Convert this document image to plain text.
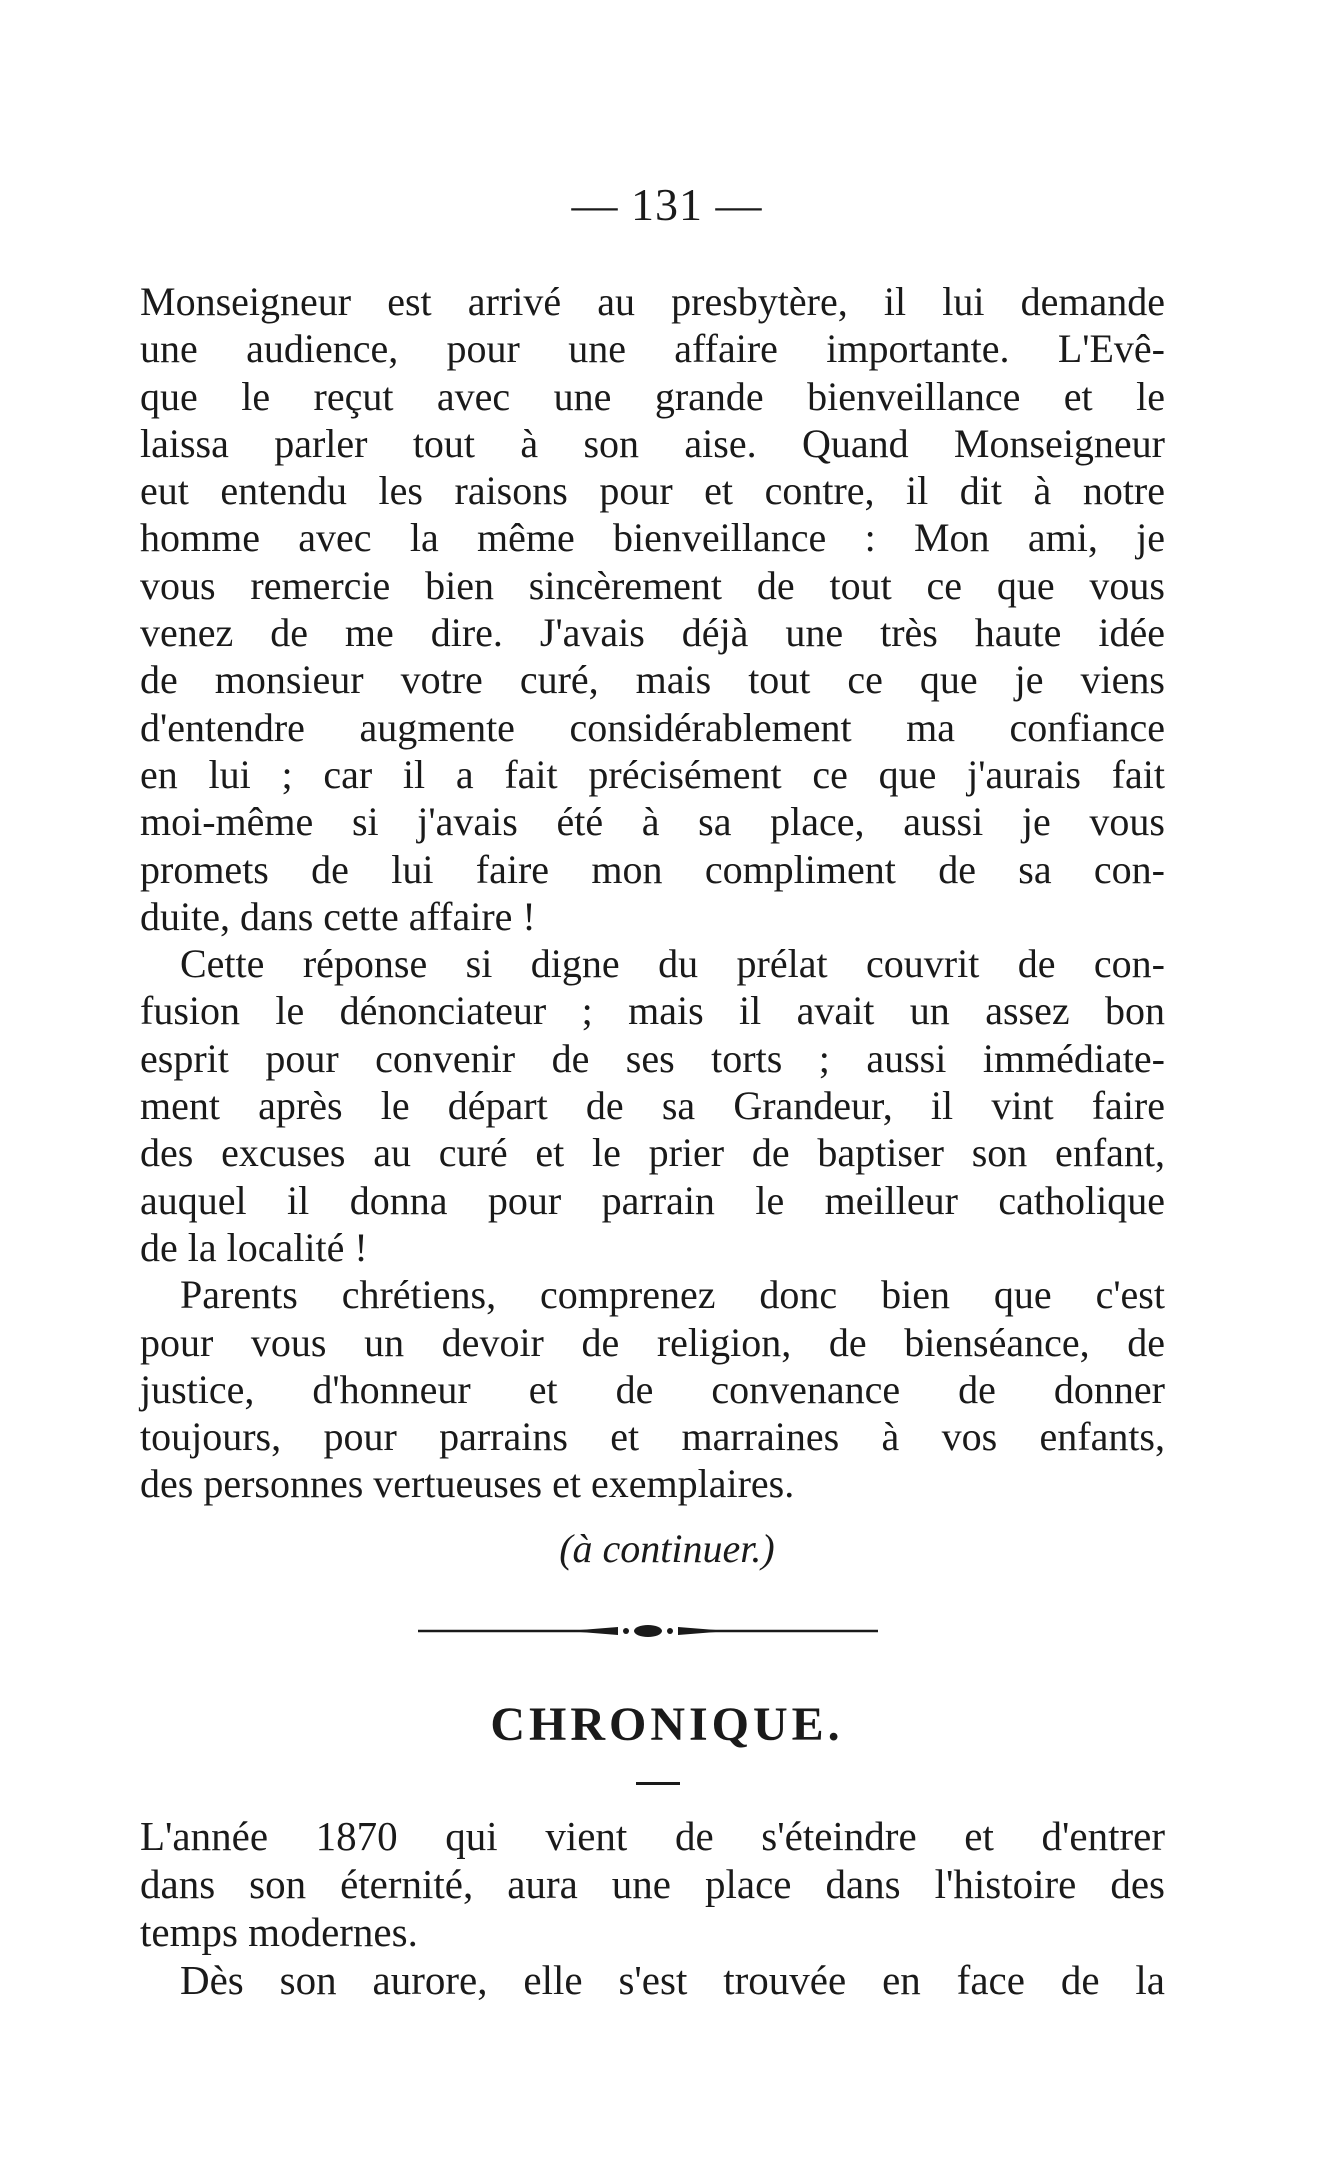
— 131 —
Monseigneur est arrivé au presbytère, il lui demande
une audience, pour une affaire importante. L'Evê-
que le reçut avec une grande bienveillance et le
laissa parler tout à son aise. Quand Monseigneur
eut entendu les raisons pour et contre, il dit à notre
homme avec la même bienveillance : Mon ami, je
vous remercie bien sincèrement de tout ce que vous
venez de me dire. J'avais déjà une très haute idée
de monsieur votre curé, mais tout ce que je viens
d'entendre augmente considérablement ma confiance
en lui ; car il a fait précisément ce que j'aurais fait
moi-même si j'avais été à sa place, aussi je vous
promets de lui faire mon compliment de sa con-
duite, dans cette affaire !
Cette réponse si digne du prélat couvrit de con-
fusion le dénonciateur ; mais il avait un assez bon
esprit pour convenir de ses torts ; aussi immédiate-
ment après le départ de sa Grandeur, il vint faire
des excuses au curé et le prier de baptiser son enfant,
auquel il donna pour parrain le meilleur catholique
de la localité !
Parents chrétiens, comprenez donc bien que c'est
pour vous un devoir de religion, de bienséance, de
justice, d'honneur et de convenance de donner
toujours, pour parrains et marraines à vos enfants,
des personnes vertueuses et exemplaires.
(à continuer.)
CHRONIQUE.
L'année 1870 qui vient de s'éteindre et d'entrer
dans son éternité, aura une place dans l'histoire des
temps modernes.
Dès son aurore, elle s'est trouvée en face de la
